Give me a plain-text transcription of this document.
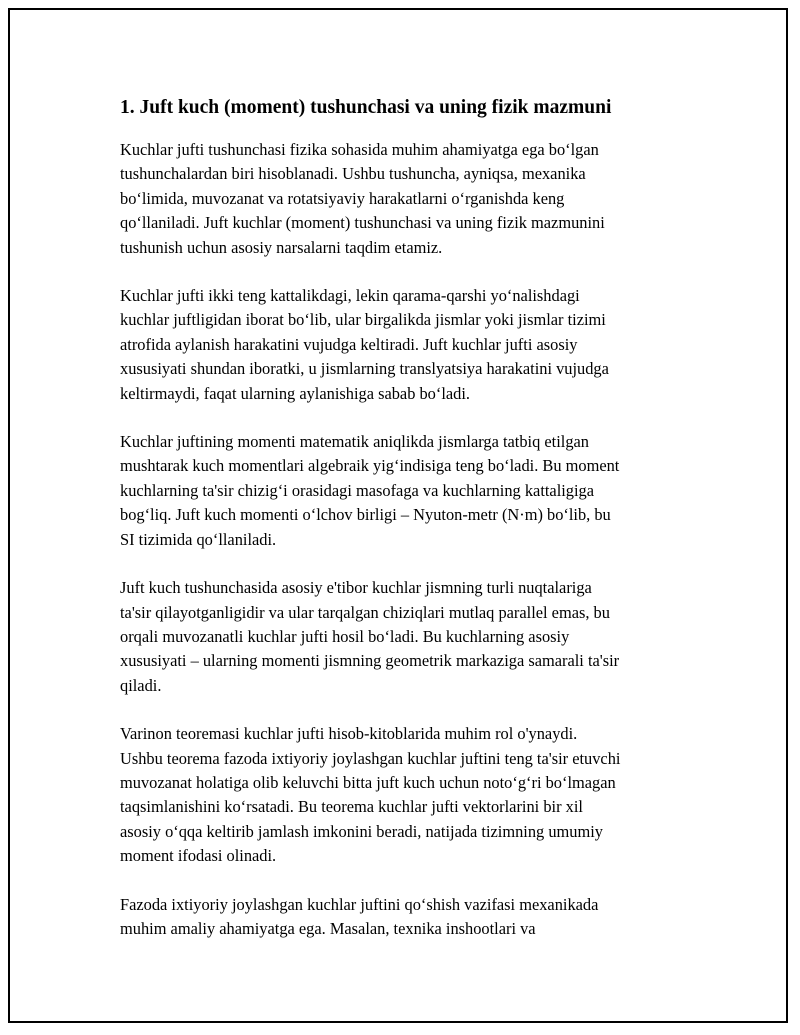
1. Juft kuch (moment) tushunchasi va uning fizik mazmuni

Kuchlar jufti tushunchasi fizika sohasida muhim ahamiyatga ega bo‘lgan
tushunchalardan biri hisoblanadi. Ushbu tushuncha, ayniqsa, mexanika
bo‘limida, muvozanat va rotatsiyaviy harakatlarni o‘rganishda keng
qo‘llaniladi. Juft kuchlar (moment) tushunchasi va uning fizik mazmunini
tushunish uchun asosiy narsalarni taqdim etamiz.

Kuchlar jufti ikki teng kattalikdagi, lekin qarama-qarshi yo‘nalishdagi
kuchlar juftligidan iborat bo‘lib, ular birgalikda jismlar yoki jismlar tizimi
atrofida aylanish harakatini vujudga keltiradi. Juft kuchlar jufti asosiy
xususiyati shundan iboratki, u jismlarning translyatsiya harakatini vujudga
keltirmaydi, faqat ularning aylanishiga sabab bo‘ladi.

Kuchlar juftining momenti matematik aniqlikda jismlarga tatbiq etilgan
mushtarak kuch momentlari algebraik yig‘indisiga teng bo‘ladi. Bu moment
kuchlarning ta'sir chizig‘i orasidagi masofaga va kuchlarning kattaligiga
bog‘liq. Juft kuch momenti o‘lchov birligi – Nyuton-metr (N·m) bo‘lib, bu
SI tizimida qo‘llaniladi.

Juft kuch tushunchasida asosiy e'tibor kuchlar jismning turli nuqtalariga
ta'sir qilayotganligidir va ular tarqalgan chiziqlari mutlaq parallel emas, bu
orqali muvozanatli kuchlar jufti hosil bo‘ladi. Bu kuchlarning asosiy
xususiyati – ularning momenti jismning geometrik markaziga samarali ta'sir
qiladi.

Varinon teoremasi kuchlar jufti hisob-kitoblarida muhim rol o'ynaydi.
Ushbu teorema fazoda ixtiyoriy joylashgan kuchlar juftini teng ta'sir etuvchi
muvozanat holatiga olib keluvchi bitta juft kuch uchun noto‘g‘ri bo‘lmagan
taqsimlanishini ko‘rsatadi. Bu teorema kuchlar jufti vektorlarini bir xil
asosiy o‘qqa keltirib jamlash imkonini beradi, natijada tizimning umumiy
moment ifodasi olinadi.

Fazoda ixtiyoriy joylashgan kuchlar juftini qo‘shish vazifasi mexanikada
muhim amaliy ahamiyatga ega. Masalan, texnika inshootlari va
